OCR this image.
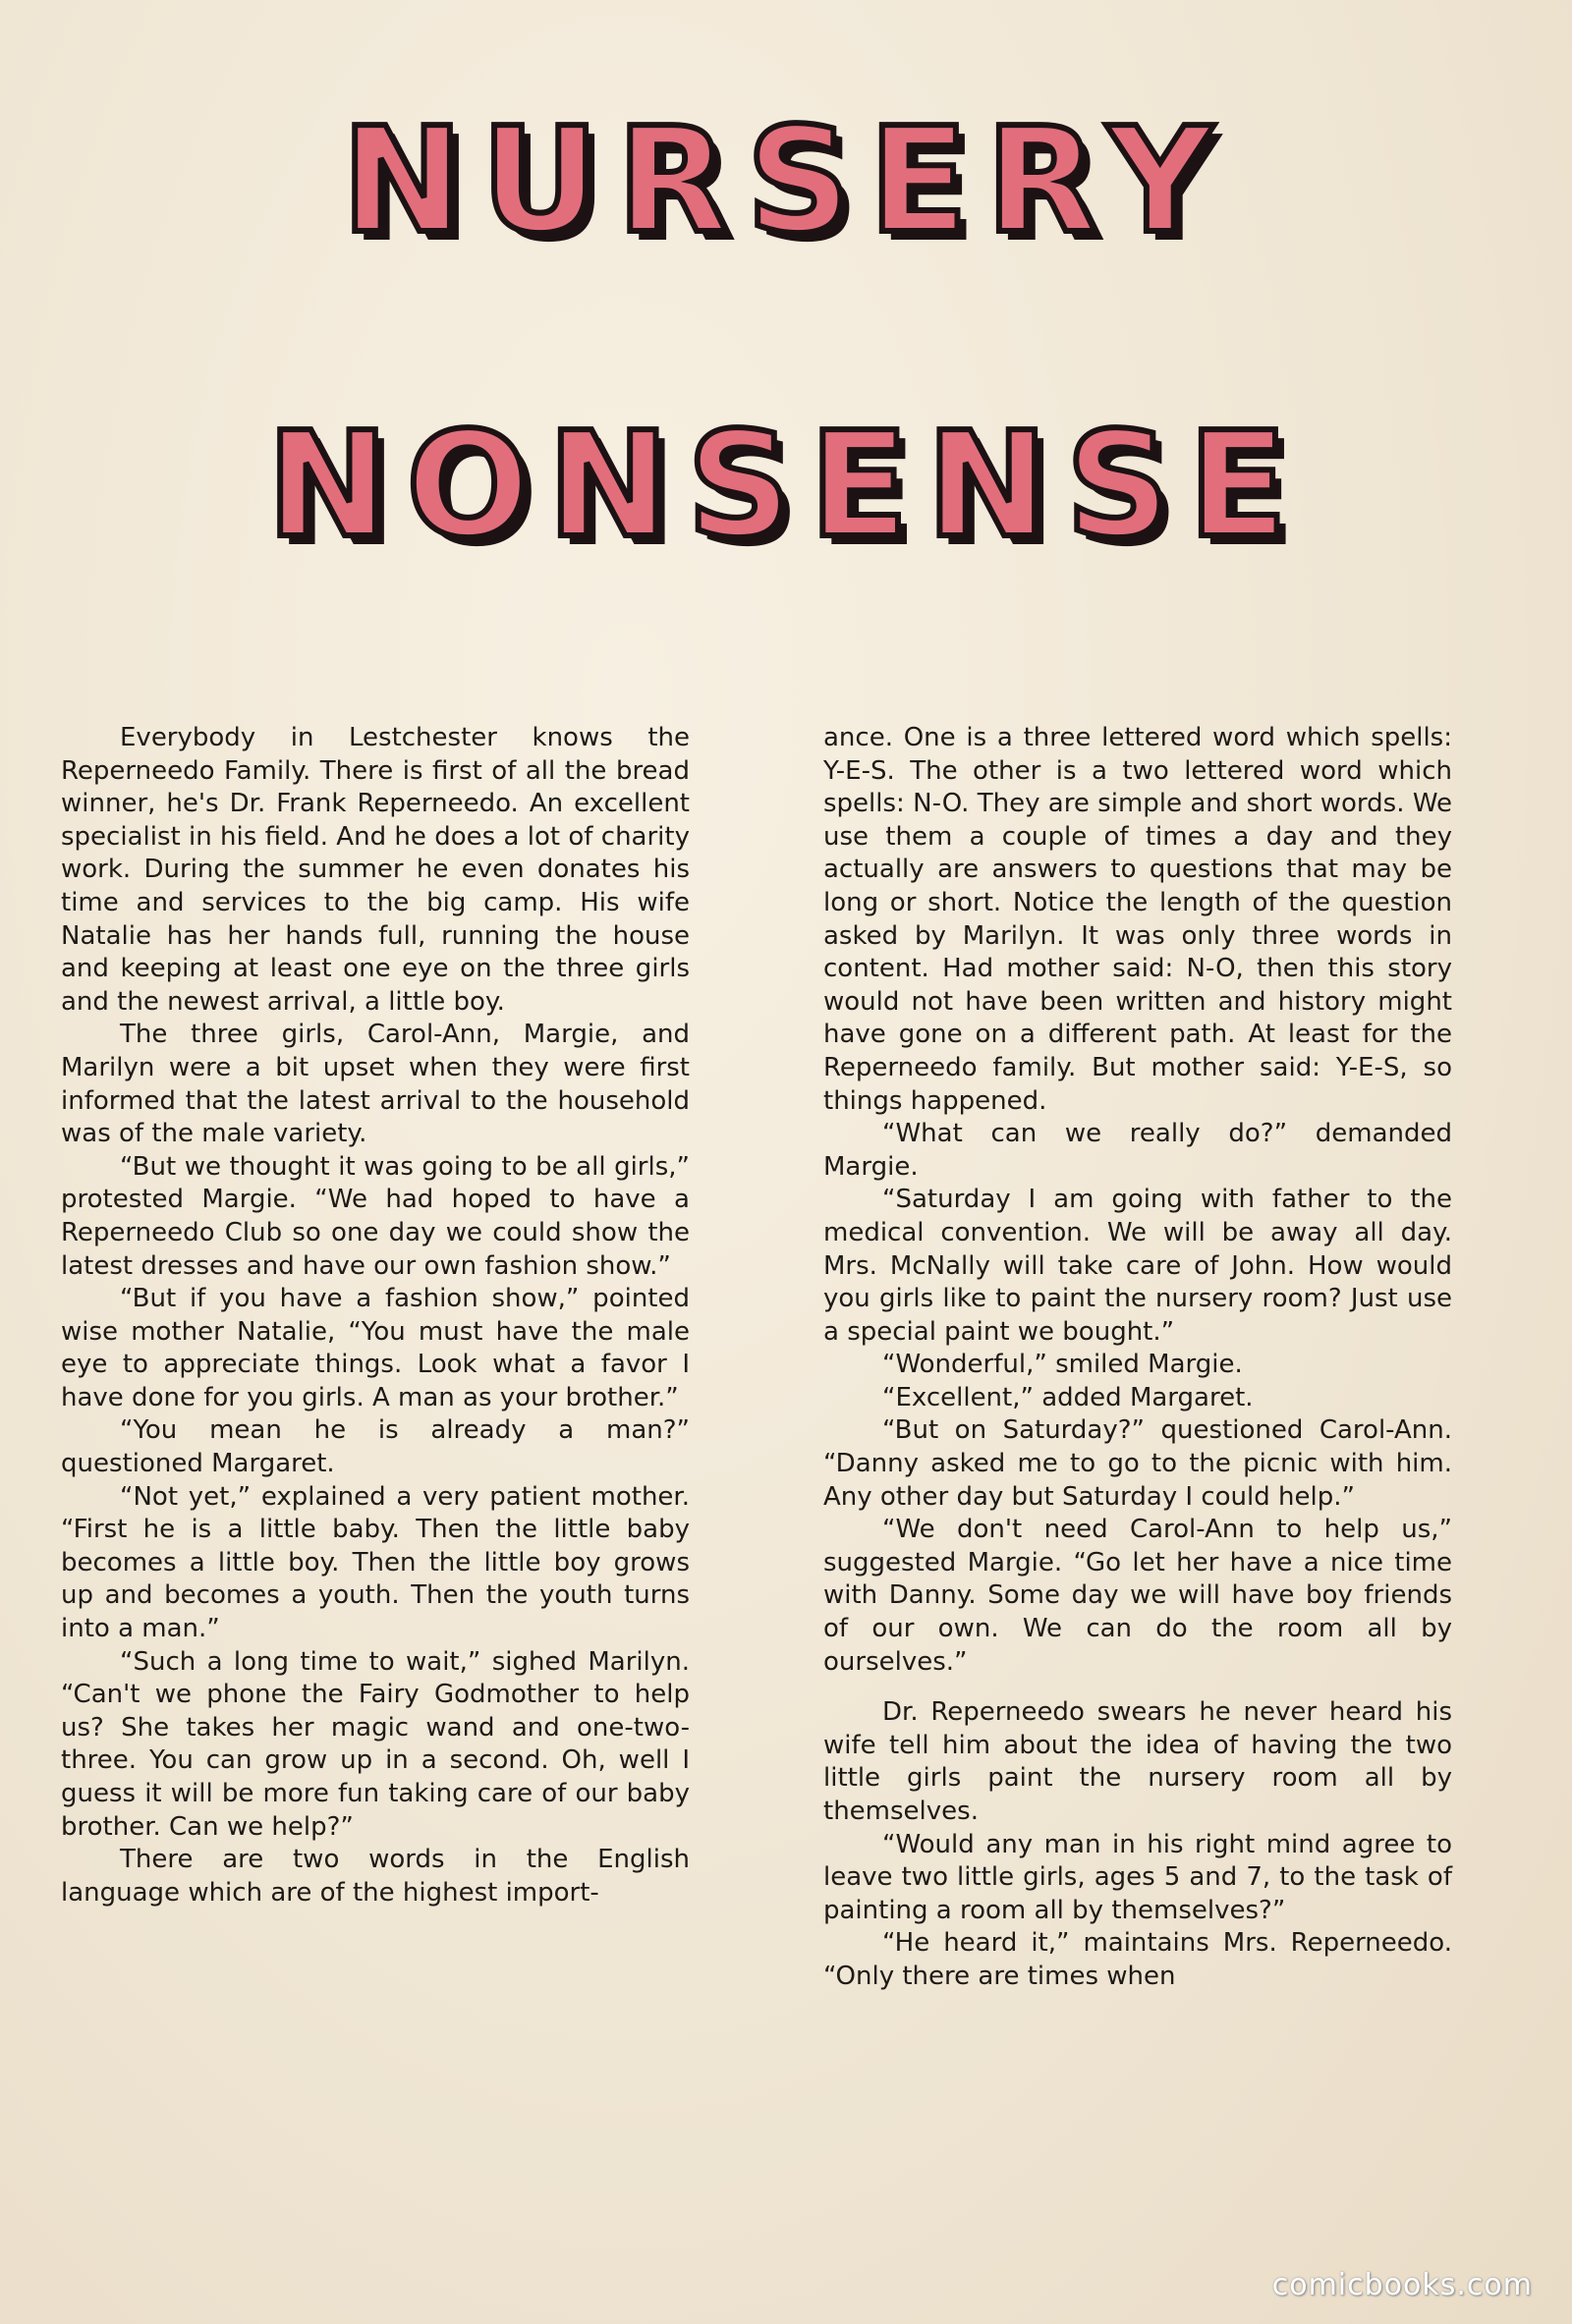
NURSERY
NONSENSE

Everybody in Lestchester knows the Reperneedo Family. There is first of all the bread winner, he's Dr. Frank Reperneedo. An excellent specialist in his field. And he does a lot of charity work. During the summer he even donates his time and services to the big camp. His wife Natalie has her hands full, running the house and keeping at least one eye on the three girls and the newest arrival, a little boy.

The three girls, Carol-Ann, Margie, and Marilyn were a bit upset when they were first informed that the latest arrival to the household was of the male variety.

“But we thought it was going to be all girls,” protested Margie. “We had hoped to have a Reperneedo Club so one day we could show the latest dresses and have our own fashion show.”

“But if you have a fashion show,” pointed wise mother Natalie, “You must have the male eye to appreciate things. Look what a favor I have done for you girls. A man as your brother.”

“You mean he is already a man?” questioned Margaret.

“Not yet,” explained a very patient mother. “First he is a little baby. Then the little baby becomes a little boy. Then the little boy grows up and becomes a youth. Then the youth turns into a man.”

“Such a long time to wait,” sighed Marilyn. “Can't we phone the Fairy Godmother to help us? She takes her magic wand and one-two-three. You can grow up in a second. Oh, well I guess it will be more fun taking care of our baby brother. Can we help?”

There are two words in the English language which are of the highest import-

ance. One is a three lettered word which spells: Y-E-S. The other is a two lettered word which spells: N-O. They are simple and short words. We use them a couple of times a day and they actually are answers to questions that may be long or short. Notice the length of the question asked by Marilyn. It was only three words in content. Had mother said: N-O, then this story would not have been written and history might have gone on a different path. At least for the Reperneedo family. But mother said: Y-E-S, so things happened.

“What can we really do?” demanded Margie.

“Saturday I am going with father to the medical convention. We will be away all day. Mrs. McNally will take care of John. How would you girls like to paint the nursery room? Just use a special paint we bought.”

“Wonderful,” smiled Margie.

“Excellent,” added Margaret.

“But on Saturday?” questioned Carol-Ann. “Danny asked me to go to the picnic with him. Any other day but Saturday I could help.”

“We don't need Carol-Ann to help us,” suggested Margie. “Go let her have a nice time with Danny. Some day we will have boy friends of our own. We can do the room all by ourselves.”

Dr. Reperneedo swears he never heard his wife tell him about the idea of having the two little girls paint the nursery room all by themselves.

“Would any man in his right mind agree to leave two little girls, ages 5 and 7, to the task of painting a room all by themselves?”

“He heard it,” maintains Mrs. Reperneedo. “Only there are times when

comicbooks.com
